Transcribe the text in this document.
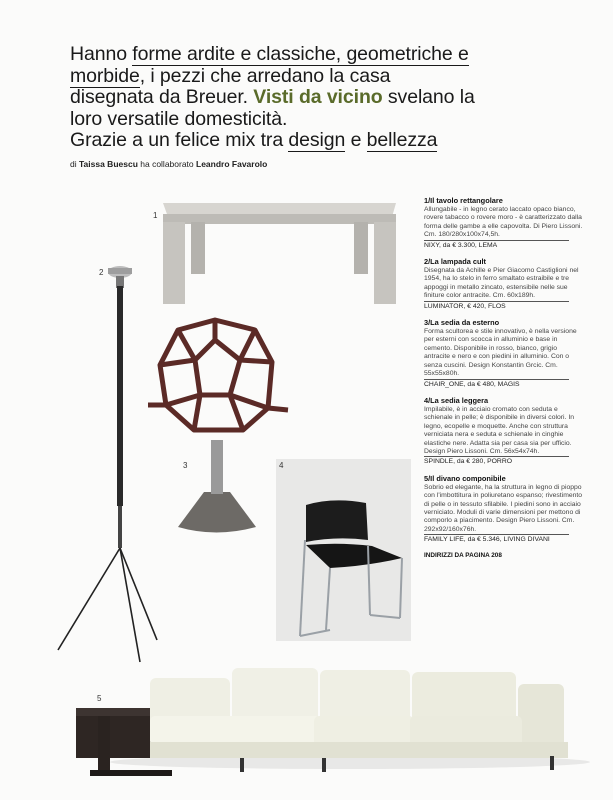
Hanno forme ardite e classiche, geometriche e
morbide, i pezzi che arredano la casa
disegnata da Breuer. Visti da vicino svelano la
loro versatile domesticità.
Grazie a un felice mix tra design e bellezza
di Taissa Buescu ha collaborato Leandro Favarolo
1
2
3	4
5
1/Il tavolo rettangolare
Allungabile - in legno cerato laccato opaco bianco, rovere tabacco o rovere moro - è caratterizzato dalla forma delle gambe a elle capovolta. Di Piero Lissoni. Cm. 180/280x100x74,5h.
NIXY, da € 3.300, LEMA
2/La lampada cult
Disegnata da Achille e Pier Giacomo Castiglioni nel 1954, ha lo stelo in ferro smaltato estraibile e tre appoggi in metallo zincato, estensibile nelle sue finiture color antracite. Cm. 60x189h.
LUMINATOR, € 420, FLOS
3/La sedia da esterno
Forma scultorea e stile innovativo, è nella versione per esterni con scocca in alluminio e base in cemento. Disponibile in rosso, bianco, grigio antracite e nero e con piedini in alluminio. Con o senza cuscini. Design Konstantin Grcic. Cm. 55x55x80h.
CHAIR_ONE, da € 480, MAGIS
4/La sedia leggera
Impilabile, è in acciaio cromato con seduta e schienale in pelle; è disponibile in diversi colori. In legno, ecopelle e moquette. Anche con struttura verniciata nera e seduta e schienale in cinghie elastiche nere. Adatta sia per casa sia per ufficio. Design Piero Lissoni. Cm. 56x54x74h.
SPINDLE, da € 280, PORRO
5/Il divano componibile
Sobrio ed elegante, ha la struttura in legno di pioppo con l'imbottitura in poliuretano espanso; rivestimento di pelle o in tessuto sfilabile. I piedini sono in acciaio verniciato. Moduli di varie dimensioni per mettono di comporlo a piacimento. Design Piero Lissoni. Cm. 292x92/160x76h.
FAMILY LIFE, da € 5.346, LIVING DIVANI
INDIRIZZI DA PAGINA 208
